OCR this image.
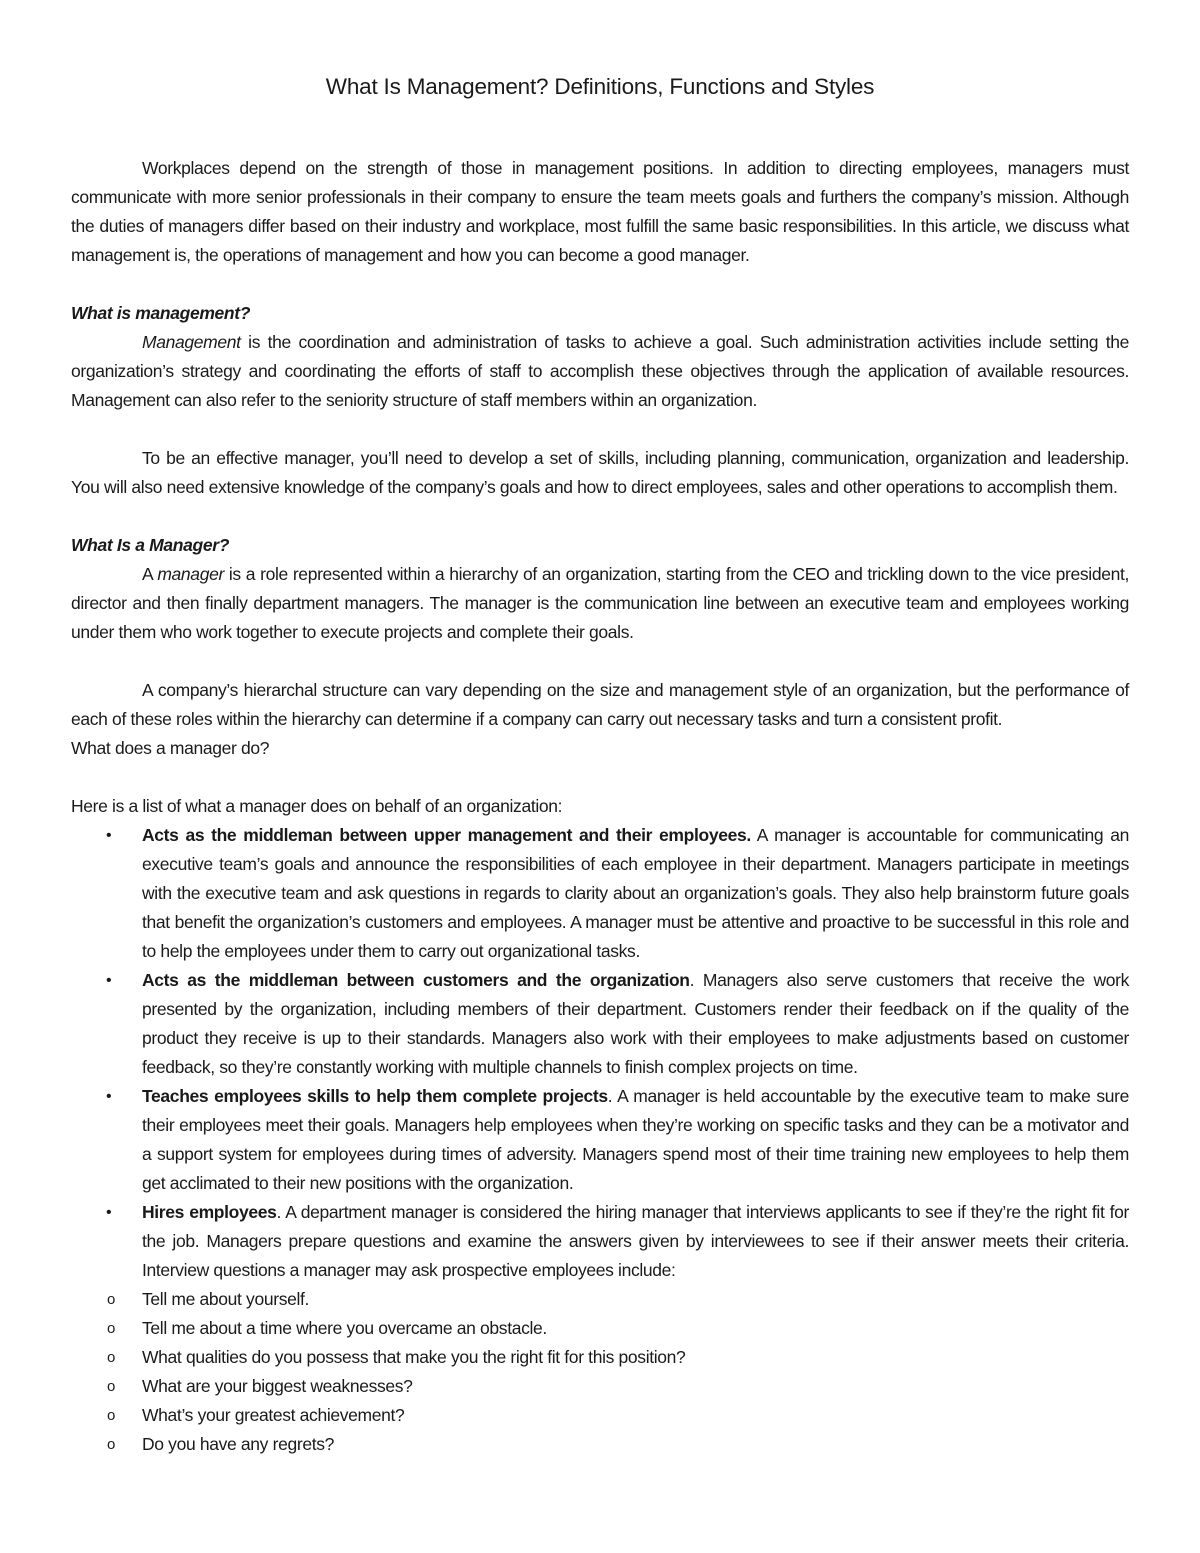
What Is Management? Definitions, Functions and Styles

Workplaces depend on the strength of those in management positions. In addition to directing employees, managers must communicate with more senior professionals in their company to ensure the team meets goals and furthers the company’s mission. Although the duties of managers differ based on their industry and workplace, most fulfill the same basic responsibilities. In this article, we discuss what management is, the operations of management and how you can become a good manager.

What is management?

Management is the coordination and administration of tasks to achieve a goal. Such administration activities include setting the organization’s strategy and coordinating the efforts of staff to accomplish these objectives through the application of available resources. Management can also refer to the seniority structure of staff members within an organization.

To be an effective manager, you’ll need to develop a set of skills, including planning, communication, organization and leadership. You will also need extensive knowledge of the company’s goals and how to direct employees, sales and other operations to accomplish them.

What Is a Manager?

A manager is a role represented within a hierarchy of an organization, starting from the CEO and trickling down to the vice president, director and then finally department managers. The manager is the communication line between an executive team and employees working under them who work together to execute projects and complete their goals.

A company’s hierarchal structure can vary depending on the size and management style of an organization, but the performance of each of these roles within the hierarchy can determine if a company can carry out necessary tasks and turn a consistent profit.

What does a manager do?

Here is a list of what a manager does on behalf of an organization:

• Acts as the middleman between upper management and their employees. A manager is accountable for communicating an executive team’s goals and announce the responsibilities of each employee in their department. Managers participate in meetings with the executive team and ask questions in regards to clarity about an organization’s goals. They also help brainstorm future goals that benefit the organization’s customers and employees. A manager must be attentive and proactive to be successful in this role and to help the employees under them to carry out organizational tasks.
• Acts as the middleman between customers and the organization. Managers also serve customers that receive the work presented by the organization, including members of their department. Customers render their feedback on if the quality of the product they receive is up to their standards. Managers also work with their employees to make adjustments based on customer feedback, so they’re constantly working with multiple channels to finish complex projects on time.
• Teaches employees skills to help them complete projects. A manager is held accountable by the executive team to make sure their employees meet their goals. Managers help employees when they’re working on specific tasks and they can be a motivator and a support system for employees during times of adversity. Managers spend most of their time training new employees to help them get acclimated to their new positions with the organization.
• Hires employees. A department manager is considered the hiring manager that interviews applicants to see if they’re the right fit for the job. Managers prepare questions and examine the answers given by interviewees to see if their answer meets their criteria. Interview questions a manager may ask prospective employees include:
o Tell me about yourself.
o Tell me about a time where you overcame an obstacle.
o What qualities do you possess that make you the right fit for this position?
o What are your biggest weaknesses?
o What’s your greatest achievement?
o Do you have any regrets?
